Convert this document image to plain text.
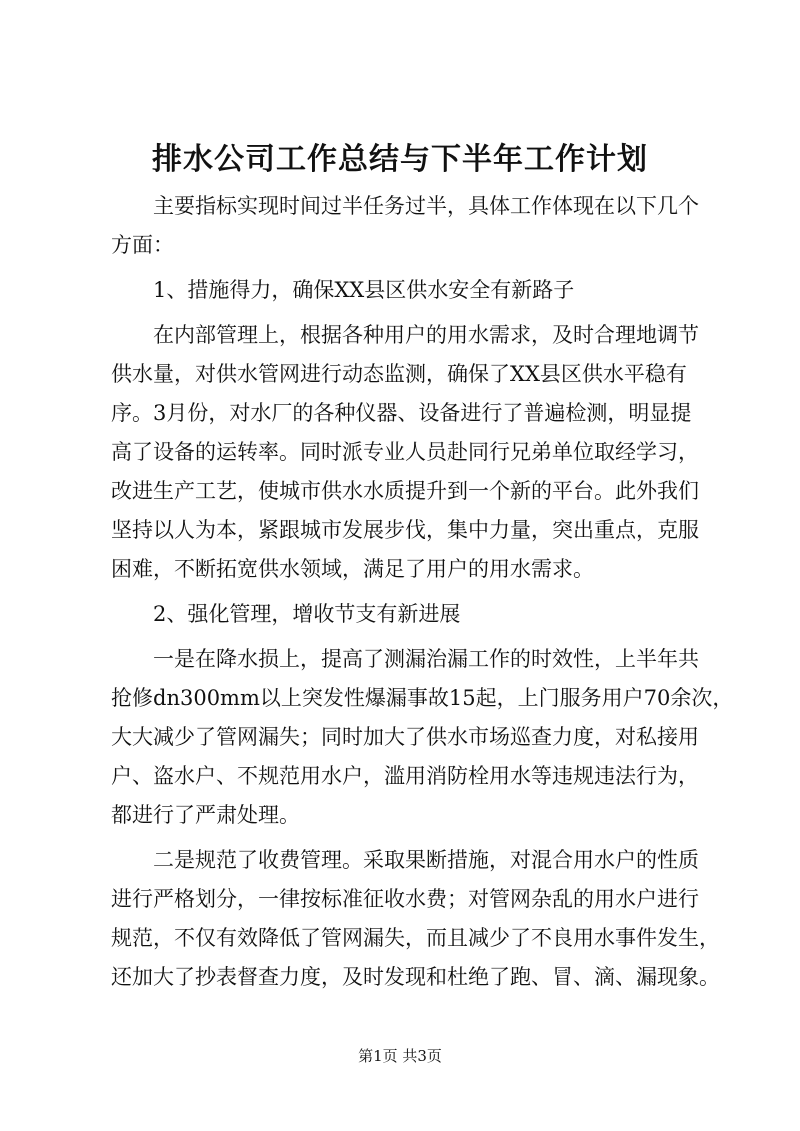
排水公司工作总结与下半年工作计划

主要指标实现时间过半任务过半，具体工作体现在以下几个
方面：

1、措施得力，确保XX县区供水安全有新路子

在内部管理上，根据各种用户的用水需求，及时合理地调节
供水量，对供水管网进行动态监测，确保了XX县区供水平稳有
序。3月份，对水厂的各种仪器、设备进行了普遍检测，明显提
高了设备的运转率。同时派专业人员赴同行兄弟单位取经学习，
改进生产工艺，使城市供水水质提升到一个新的平台。此外我们
坚持以人为本，紧跟城市发展步伐，集中力量，突出重点，克服
困难，不断拓宽供水领域，满足了用户的用水需求。

2、强化管理，增收节支有新进展

一是在降水损上，提高了测漏治漏工作的时效性，上半年共
抢修dn300mm以上突发性爆漏事故15起，上门服务用户70余次，
大大减少了管网漏失；同时加大了供水市场巡查力度，对私接用
户、盗水户、不规范用水户，滥用消防栓用水等违规违法行为，
都进行了严肃处理。

二是规范了收费管理。采取果断措施，对混合用水户的性质
进行严格划分，一律按标准征收水费；对管网杂乱的用水户进行
规范，不仅有效降低了管网漏失，而且减少了不良用水事件发生，
还加大了抄表督查力度，及时发现和杜绝了跑、冒、滴、漏现象。

第1页 共3页
